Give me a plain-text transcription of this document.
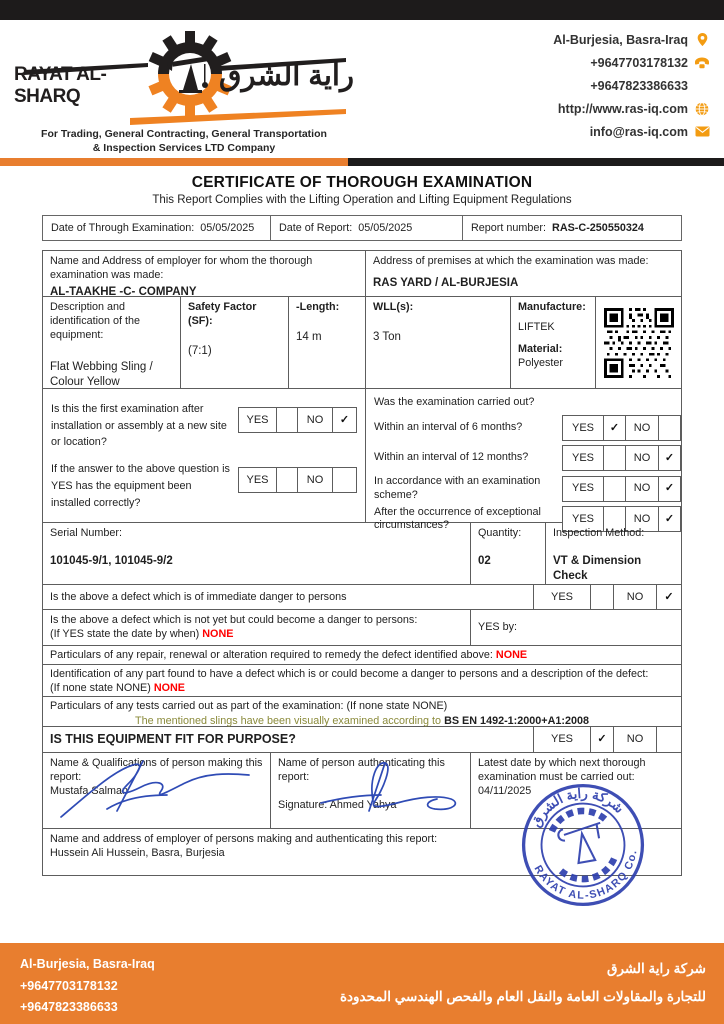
RAYAT AL-SHARQ
راية الشرق
For Trading, General Contracting, General Transportation
& Inspection Services LTD Company
Al-Burjesia, Basra-Iraq
+9647703178132
+9647823386633
http://www.ras-iq.com
info@ras-iq.com
CERTIFICATE OF THOROUGH EXAMINATION
This Report Complies with the Lifting Operation and Lifting Equipment Regulations
Date of Through Examination: 05/05/2025 Date of Report: 05/05/2025	Report number: RAS-C-250550324
Name and Address of employer for whom the thorough examination was made:
AL-TAAKHE -C- COMPANY
Address of premises at which the examination was made:
RAS YARD / AL-BURJESIA
Description and identification of the equipment:
Flat Webbing Sling / Colour Yellow
Safety Factor (SF):
(7:1)
-Length:
14 m
WLL(s):
3 Ton
Manufacture:
LIFTEK
Material:
Polyester
Is this the first examination after installation or assembly at a new site or location?
YES	NO	✓
If the answer to the above question is YES has the equipment been installed correctly?
YES	NO
Was the examination carried out?
Within an interval of 6 months?	YES	✓	NO
Within an interval of 12 months?	YES	NO	✓
In accordance with an examination scheme?
YES	NO	✓
After the occurrence of exceptional circumstances?
YES	NO	✓
Serial Number:
101045-9/1, 101045-9/2
Quantity:
02
Inspection Method:
VT & Dimension Check
Is the above a defect which is of immediate danger to persons	YES	NO	✓
Is the above a defect which is not yet but could become a danger to persons:
(If YES state the date by when) NONE
YES by:
Particulars of any repair, renewal or alteration required to remedy the defect identified above: NONE
Identification of any part found to have a defect which is or could become a danger to persons and a description of the defect:
(If none state NONE) NONE
Particulars of any tests carried out as part of the examination: (If none state NONE)
The mentioned slings have been visually examined according to BS EN 1492-1:2000+A1:2008
IS THIS EQUIPMENT FIT FOR PURPOSE?	YES	✓	NO
Name & Qualifications of person making this report:
Mustafa Salman
Name of person authenticating this report:
Signature: Ahmed Yahya
Latest date by which next thorough examination must be carried out:
04/11/2025
Name and address of employer of persons making and authenticating this report:
Hussein Ali Hussein, Basra, Burjesia
شركة راية الشرق
RAYAT AL-SHARQ Co.
Al-Burjesia, Basra-Iraq
+9647703178132
+9647823386633
شركة راية الشرق
للتجارة والمقاولات العامة والنقل العام والفحص الهندسي المحدودة
